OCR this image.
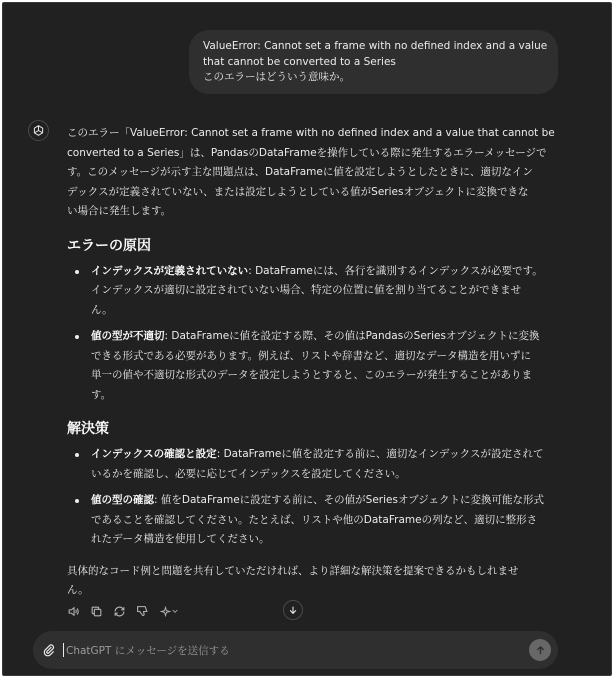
ValueError: Cannot set a frame with no defined index and a value
that cannot be converted to a Series
このエラーはどういう意味か。

このエラー「ValueError: Cannot set a frame with no defined index and a value that cannot be
converted to a Series」は、PandasのDataFrameを操作している際に発生するエラーメッセージで
す。このメッセージが示す主な問題点は、DataFrameに値を設定しようとしたときに、適切なイン
デックスが定義されていない、または設定しようとしている値がSeriesオブジェクトに変換できな
い場合に発生します。

エラーの原因
インデックスが定義されていない: DataFrameには、各行を識別するインデックスが必要です。
インデックスが適切に設定されていない場合、特定の位置に値を割り当てることができませ
ん。
値の型が不適切: DataFrameに値を設定する際、その値はPandasのSeriesオブジェクトに変換
できる形式である必要があります。例えば、リストや辞書など、適切なデータ構造を用いずに
単一の値や不適切な形式のデータを設定しようとすると、このエラーが発生することがありま
す。
解決策
インデックスの確認と設定: DataFrameに値を設定する前に、適切なインデックスが設定されて
いるかを確認し、必要に応じてインデックスを設定してください。
値の型の確認: 値をDataFrameに設定する前に、その値がSeriesオブジェクトに変換可能な形式
であることを確認してください。たとえば、リストや他のDataFrameの列など、適切に整形さ
れたデータ構造を使用してください。

具体的なコード例と問題を共有していただければ、より詳細な解決策を提案できるかもしれませ
ん。

ChatGPT にメッセージを送信する
